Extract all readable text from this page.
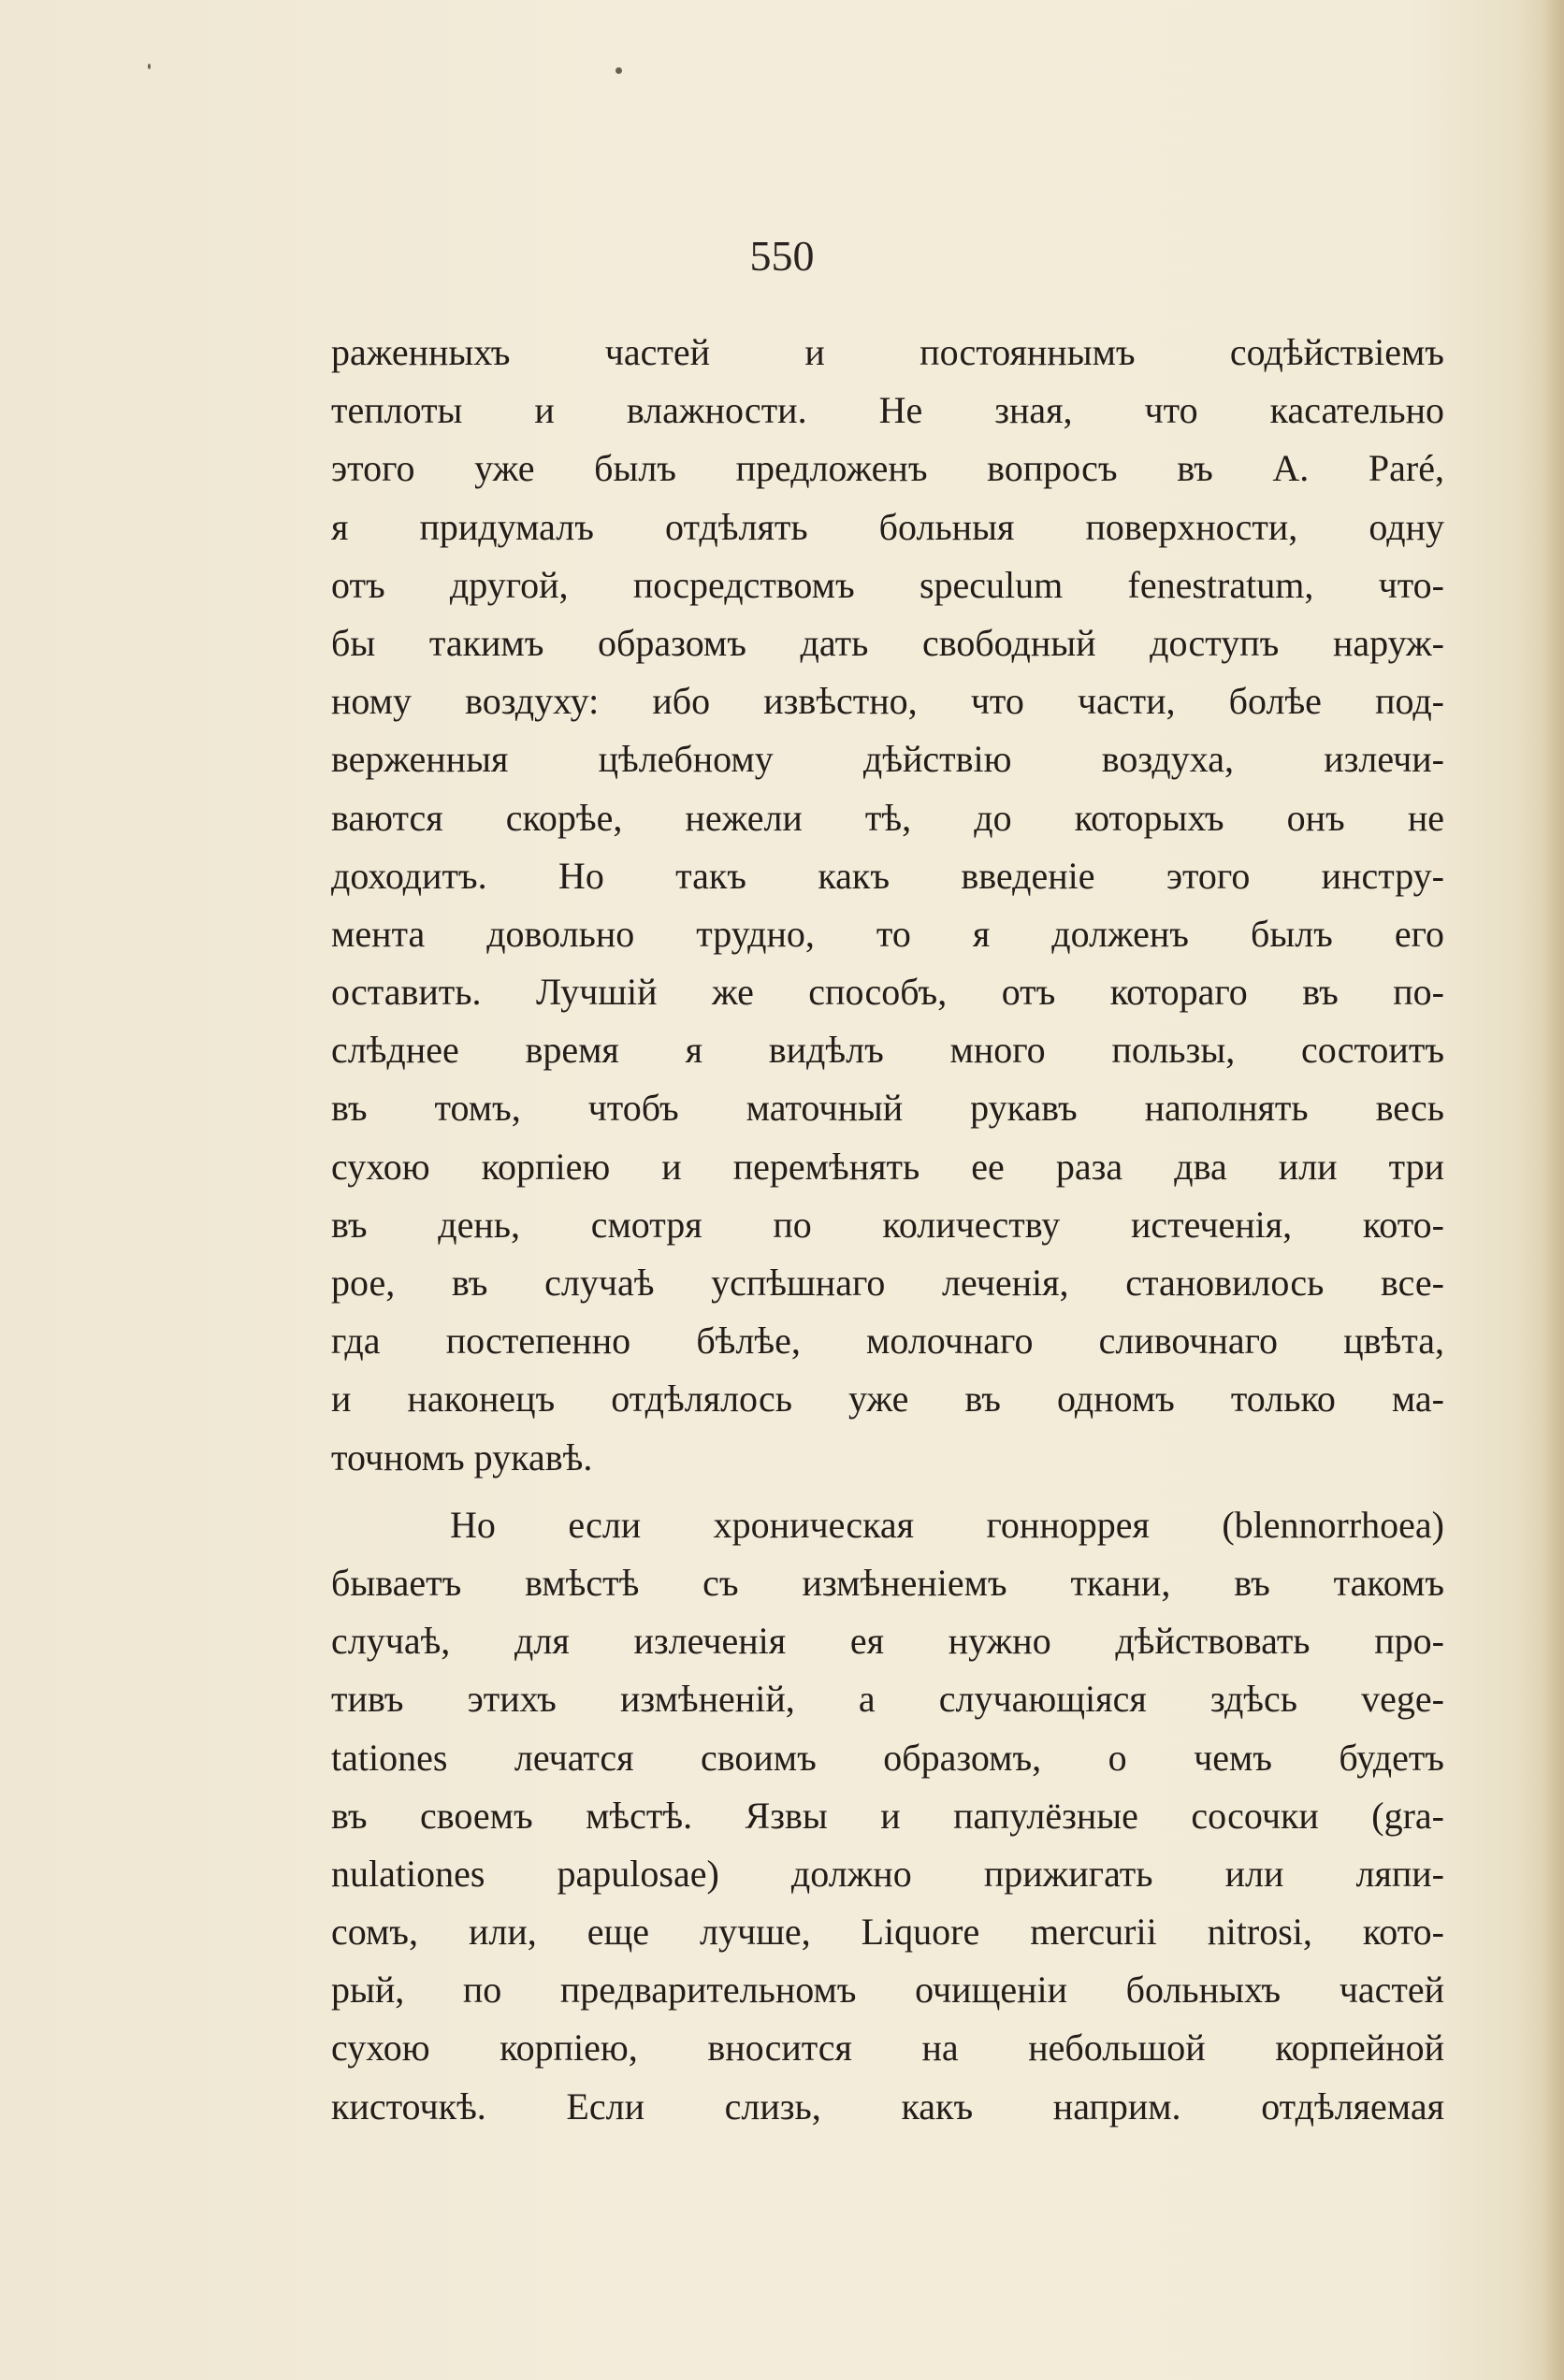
550
раженныхъ частей и постояннымъ содѣйствіемъ
теплоты и влажности. Не зная, что касательно
этого уже былъ предложенъ вопросъ въ А. Paré,
я придумалъ отдѣлять больныя поверхности, одну
отъ другой, посредствомъ speculum fenestratum, что-
бы такимъ образомъ дать свободный доступъ наруж-
ному воздуху: ибо извѣстно, что части, болѣе под-
верженныя цѣлебному дѣйствію воздуха, излечи-
ваются скорѣе, нежели тѣ, до которыхъ онъ не
доходитъ. Но такъ какъ введеніе этого инстру-
мента довольно трудно, то я долженъ былъ его
оставить. Лучшій же способъ, отъ котораго въ по-
слѣднее время я видѣлъ много пользы, состоитъ
въ томъ, чтобъ маточный рукавъ наполнять весь
сухою корпіею и перемѣнять ее раза два или три
въ день, смотря по количеству истеченія, кото-
рое, въ случаѣ успѣшнаго леченія, становилось все-
гда постепенно бѣлѣе, молочнаго сливочнаго цвѣта,
и наконецъ отдѣлялось уже въ одномъ только ма-
точномъ рукавѣ.
Но если хроническая гонноррея (blennorrhoea)
бываетъ вмѣстѣ съ измѣненіемъ ткани, въ такомъ
случаѣ, для излеченія ея нужно дѣйствовать про-
тивъ этихъ измѣненій, а случающіяся здѣсь vege-
tationes лечатся своимъ образомъ, о чемъ будетъ
въ своемъ мѣстѣ. Язвы и папулёзные сосочки (gra-
nulationes papulosae) должно прижигать или ляпи-
сомъ, или, еще лучше, Liquore mercurii nitrosi, кото-
рый, по предварительномъ очищеніи больныхъ частей
сухою корпіею, вносится на небольшой корпейной
кисточкѣ. Если слизь, какъ наприм. отдѣляемая
